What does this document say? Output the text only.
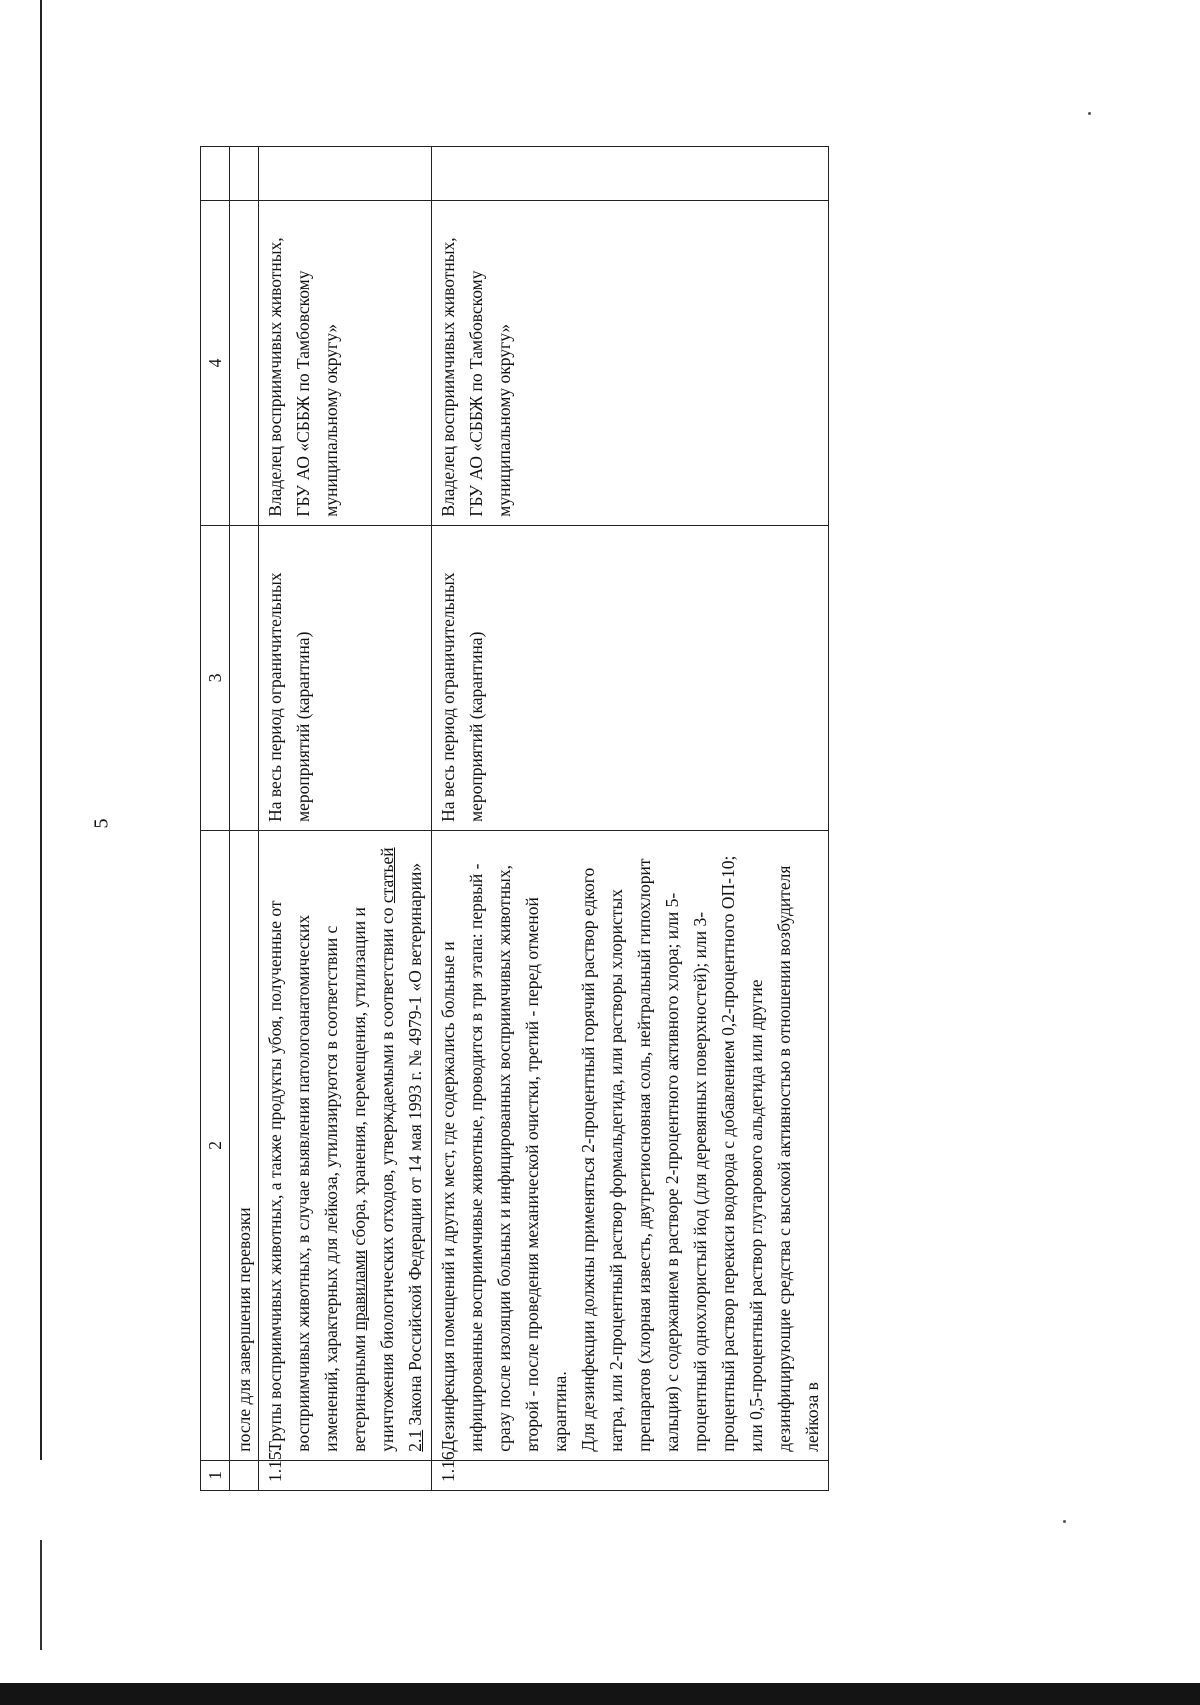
5
1	2	3	4	
	после для завершения перевозки			
1.15.	Трупы восприимчивых животных, а также продукты убоя, полученные от восприимчивых животных, в случае выявления патологоанатомических изменений, характерных для лейкоза, утилизируются в соответствии с ветеринарными правилами сбора, хранения, перемещения, утилизации и уничтожения биологических отходов, утверждаемыми в соответствии со статьей 2.1 Закона Российской Федерации от 14 мая 1993 г. № 4979-1 «О ветеринарии»	На весь период ограничительных мероприятий (карантина)	Владелец восприимчивых животных, ГБУ АО «СББЖ по Тамбовскому муниципальному округу»	
1.16.	Дезинфекция помещений и других мест, где содержались больные и инфицированные восприимчивые животные, проводится в три этапа: первый - сразу после изоляции больных и инфицированных восприимчивых животных, второй - после проведения механической очистки, третий - перед отменой карантина. Для дезинфекции должны применяться 2-процентный горячий раствор едкого натра, или 2-процентный раствор формальдегида, или растворы хлористых препаратов (хлорная известь, двутретиосновная соль, нейтральный гипохлорит кальция) с содержанием в растворе 2-процентного активного хлора; или 5-процентный однохлористый йод (для деревянных поверхностей); или 3-процентный раствор перекиси водорода с добавлением 0,2-процентного ОП-10; или 0,5-процентный раствор глутарового альдегида или другие дезинфицирующие средства с высокой активностью в отношении возбудителя лейкоза в	На весь период ограничительных мероприятий (карантина)	Владелец восприимчивых животных, ГБУ АО «СББЖ по Тамбовскому муниципальному округу»	
